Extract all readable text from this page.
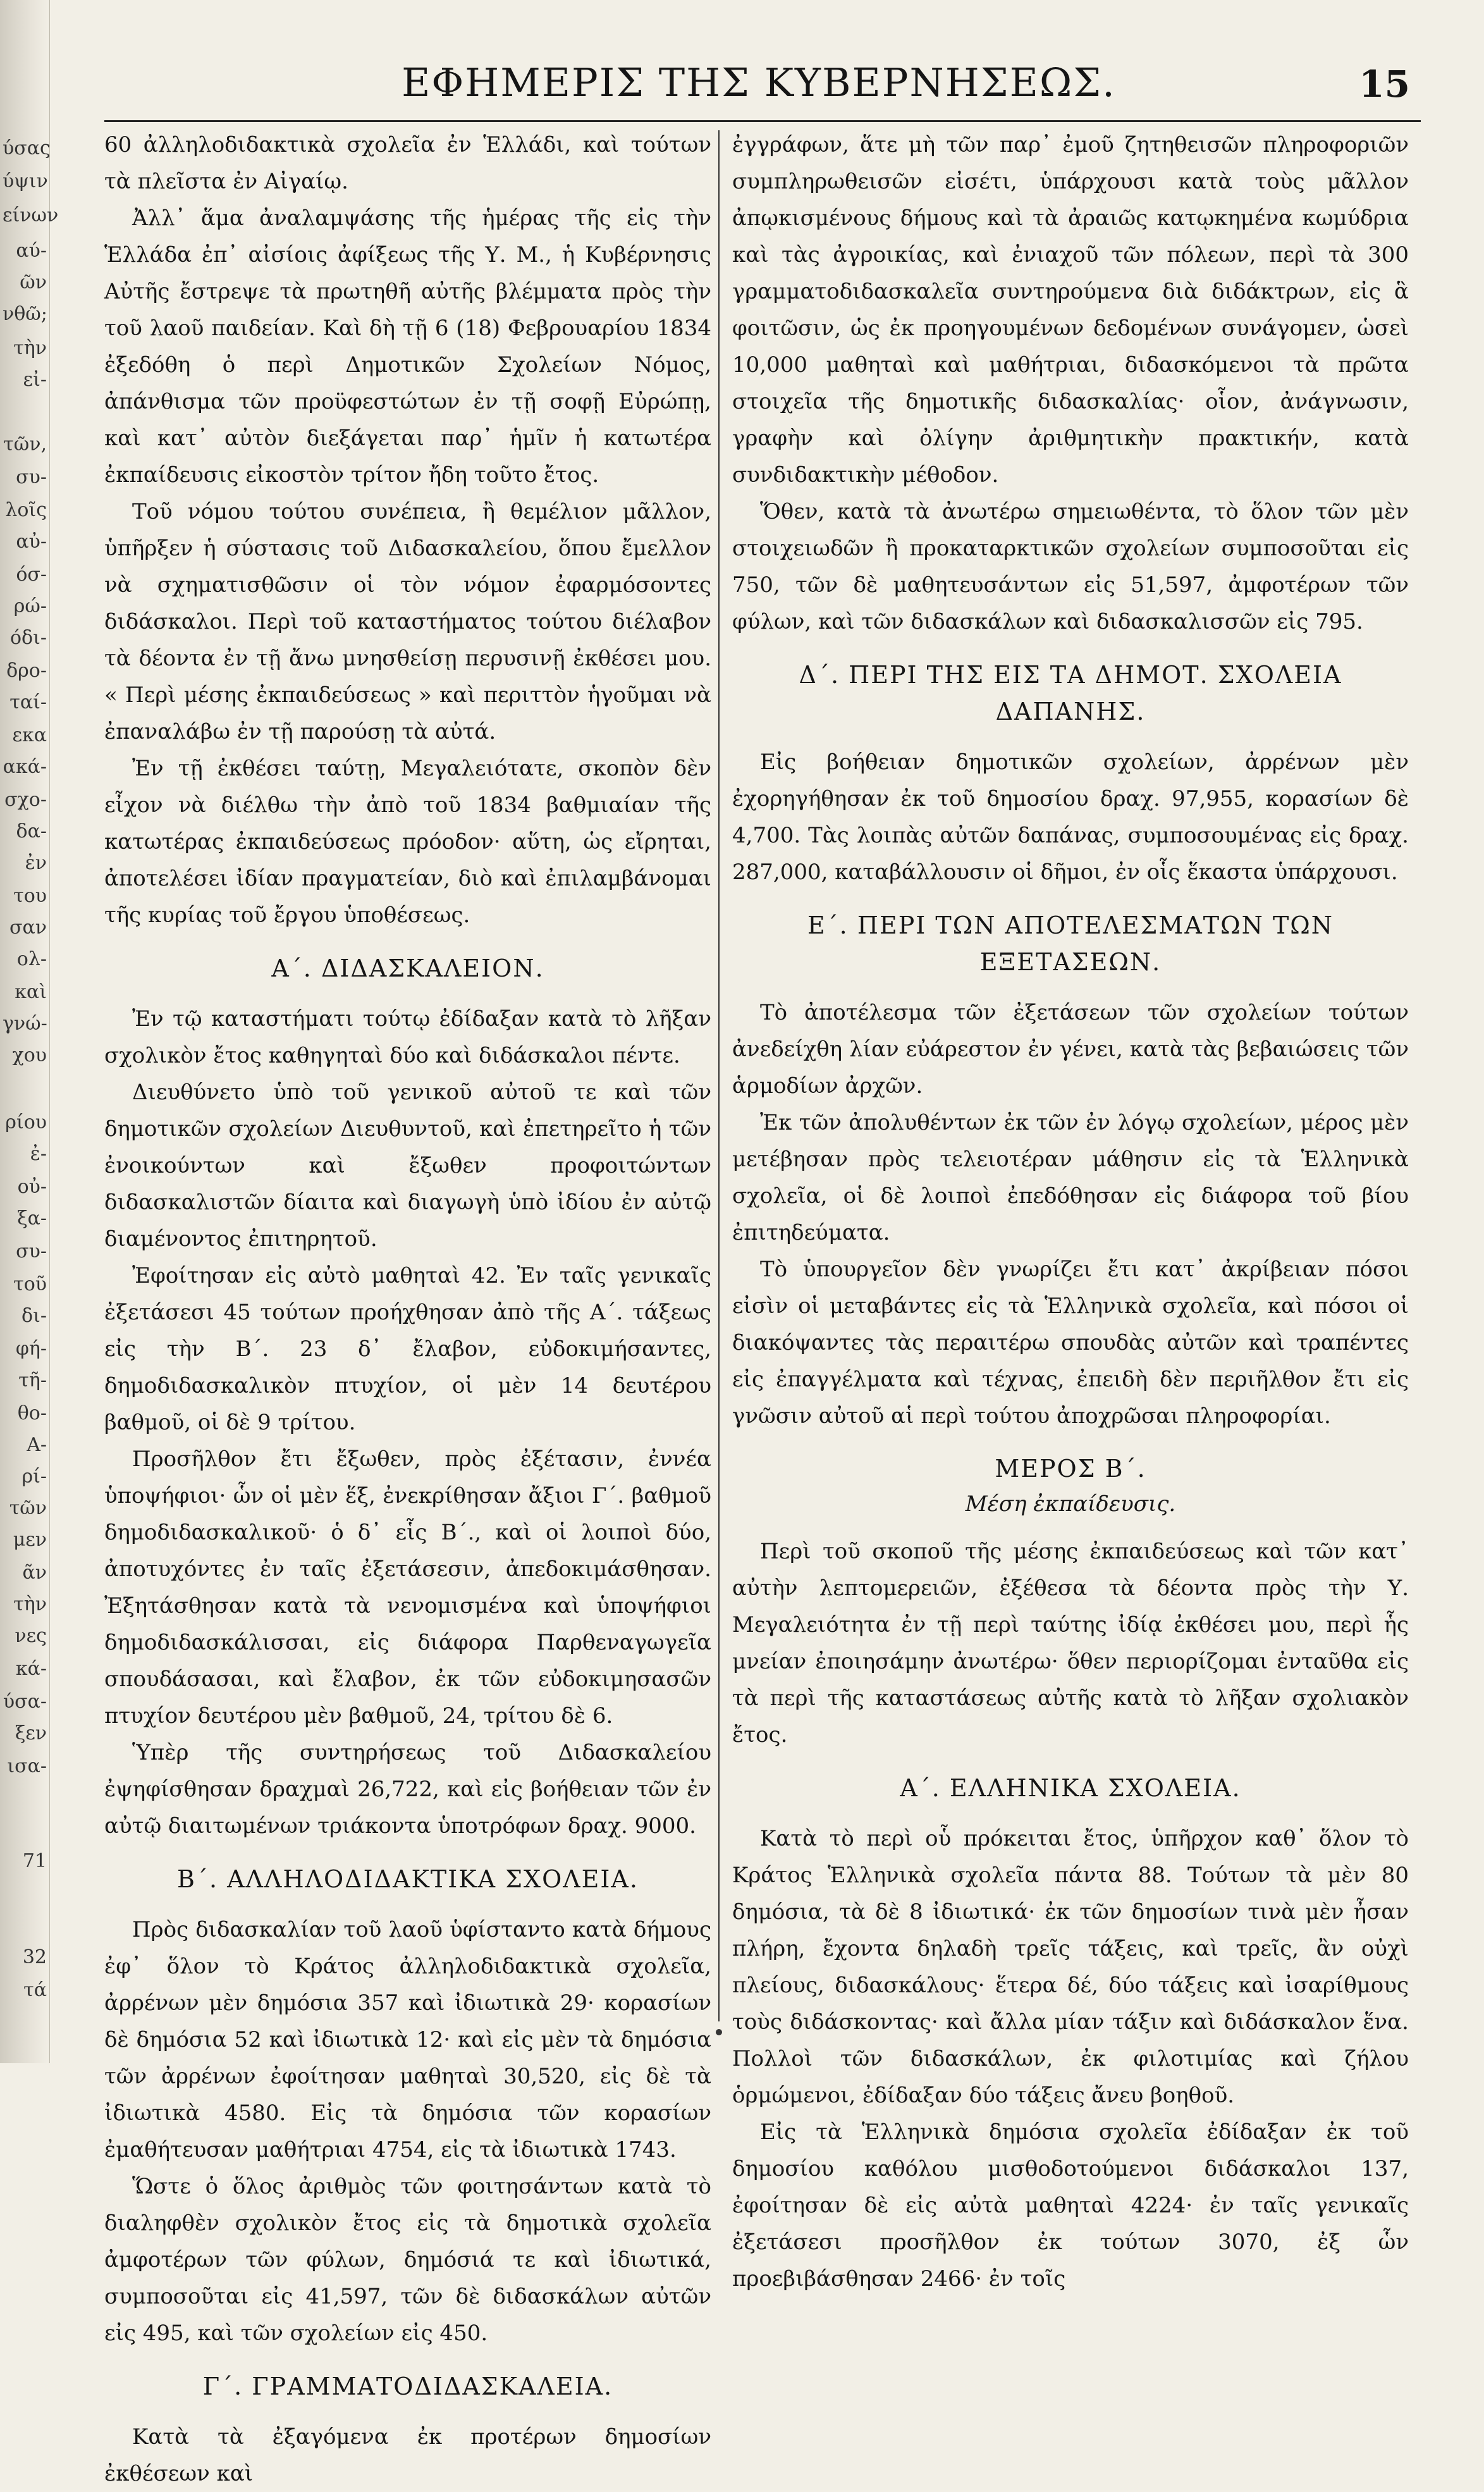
ύσας
ύψιν
είνων
αύ-
ῶν
νθῶ;
τὴν
εἰ-
τῶν,
συ-
λοῖς
αὐ-
όσ-
ρώ-
όδι-
δρο-
ταί-
εκα
ακά-
σχο-
δα-
ἐν
του
σαν
ολ-
καὶ
γνώ-
χου
ρίου
ἐ-
οὐ-
ξα-
συ-
τοῦ
δι-
φή-
τῆ-
θο-
Α-
ρί-
τῶν
μεν
ᾶν
τὴν
νες
κά-
ύσα-
ξεν
ισα-
71
32
τά
ΕΦΗΜΕΡΙΣ ΤΗΣ ΚΥΒΕΡΝΗΣΕΩΣ.	15

60 ἀλληλοδιδακτικὰ σχολεῖα ἐν Ἑλλάδι, καὶ τούτων τὰ πλεῖστα ἐν Αἰγαίῳ.

Ἀλλ᾽ ἅμα ἀναλαμψάσης τῆς ἡμέρας τῆς εἰς τὴν Ἑλλάδα ἐπ᾽ αἰσίοις ἀφίξεως τῆς Υ. Μ., ἡ Κυβέρνησις Αὐτῆς ἔστρεψε τὰ πρωτηθῆ αὐτῆς βλέμματα πρὸς τὴν τοῦ λαοῦ παιδείαν. Καὶ δὴ τῇ 6 (18) Φεβρουαρίου 1834 ἐξεδόθη ὁ περὶ Δημοτικῶν Σχολείων Νόμος, ἀπάνθισμα τῶν προϋφεστώτων ἐν τῇ σοφῇ Εὐρώπῃ, καὶ κατ᾽ αὐτὸν διεξάγεται παρ᾽ ἡμῖν ἡ κατωτέρα ἐκπαίδευσις εἰκοστὸν τρίτον ἤδη τοῦτο ἔτος.

Τοῦ νόμου τούτου συνέπεια, ἢ θεμέλιον μᾶλλον, ὑπῆρξεν ἡ σύστασις τοῦ Διδασκαλείου, ὅπου ἔμελλον νὰ σχηματισθῶσιν οἱ τὸν νόμον ἐφαρμόσοντες διδάσκαλοι. Περὶ τοῦ καταστήματος τούτου διέλαβον τὰ δέοντα ἐν τῇ ἄνω μνησθείσῃ περυσινῇ ἐκθέσει μου. « Περὶ μέσης ἐκπαιδεύσεως » καὶ περιττὸν ἡγοῦμαι νὰ ἐπαναλάβω ἐν τῇ παρούσῃ τὰ αὐτά.

Ἐν τῇ ἐκθέσει ταύτῃ, Μεγαλειότατε, σκοπὸν δὲν εἶχον νὰ διέλθω τὴν ἀπὸ τοῦ 1834 βαθμιαίαν τῆς κατωτέρας ἐκπαιδεύσεως πρόοδον· αὕτη, ὡς εἴρηται, ἀποτελέσει ἰδίαν πραγματείαν, διὸ καὶ ἐπιλαμβάνομαι τῆς κυρίας τοῦ ἔργου ὑποθέσεως.

Α΄. ΔΙΔΑΣΚΑΛΕΙΟΝ.

Ἐν τῷ καταστήματι τούτῳ ἐδίδαξαν κατὰ τὸ λῆξαν σχολικὸν ἔτος καθηγηταὶ δύο καὶ διδάσκαλοι πέντε.

Διευθύνετο ὑπὸ τοῦ γενικοῦ αὐτοῦ τε καὶ τῶν δημοτικῶν σχολείων Διευθυντοῦ, καὶ ἐπετηρεῖτο ἡ τῶν ἐνοικούντων καὶ ἔξωθεν προφοιτώντων διδασκαλιστῶν δίαιτα καὶ διαγωγὴ ὑπὸ ἰδίου ἐν αὐτῷ διαμένοντος ἐπιτηρητοῦ.

Ἐφοίτησαν εἰς αὐτὸ μαθηταὶ 42. Ἐν ταῖς γενικαῖς ἐξετάσεσι 45 τούτων προήχθησαν ἀπὸ τῆς Α΄. τάξεως εἰς τὴν Β΄. 23 δ᾽ ἔλαβον, εὐδοκιμήσαντες, δημοδιδασκαλικὸν πτυχίον, οἱ μὲν 14 δευτέρου βαθμοῦ, οἱ δὲ 9 τρίτου.

Προσῆλθον ἔτι ἔξωθεν, πρὸς ἐξέτασιν, ἐννέα ὑποψήφιοι· ὧν οἱ μὲν ἕξ, ἐνεκρίθησαν ἄξιοι Γ΄. βαθμοῦ δημοδιδασκαλικοῦ· ὁ δ᾽ εἷς Β΄., καὶ οἱ λοιποὶ δύο, ἀποτυχόντες ἐν ταῖς ἐξετάσεσιν, ἀπεδοκιμάσθησαν. Ἐξητάσθησαν κατὰ τὰ νενομισμένα καὶ ὑποψήφιοι δημοδιδασκάλισσαι, εἰς διάφορα Παρθεναγωγεῖα σπουδάσασαι, καὶ ἔλαβον, ἐκ τῶν εὐδοκιμησασῶν πτυχίον δευτέρου μὲν βαθμοῦ, 24, τρίτου δὲ 6.

Ὑπὲρ τῆς συντηρήσεως τοῦ Διδασκαλείου ἐψηφίσθησαν δραχμαὶ 26,722, καὶ εἰς βοήθειαν τῶν ἐν αὐτῷ διαιτωμένων τριάκοντα ὑποτρόφων δραχ. 9000.

Β΄. ΑΛΛΗΛΟΔΙΔΑΚΤΙΚΑ ΣΧΟΛΕΙΑ.

Πρὸς διδασκαλίαν τοῦ λαοῦ ὑφίσταντο κατὰ δήμους ἐφ᾽ ὅλον τὸ Κράτος ἀλληλοδιδακτικὰ σχολεῖα, ἀρρένων μὲν δημόσια 357 καὶ ἰδιωτικὰ 29· κορασίων δὲ δημόσια 52 καὶ ἰδιωτικὰ 12· καὶ εἰς μὲν τὰ δημόσια τῶν ἀρρένων ἐφοίτησαν μαθηταὶ 30,520, εἰς δὲ τὰ ἰδιωτικὰ 4580. Εἰς τὰ δημόσια τῶν κορασίων ἐμαθήτευσαν μαθήτριαι 4754, εἰς τὰ ἰδιωτικὰ 1743.

Ὥστε ὁ ὅλος ἀριθμὸς τῶν φοιτησάντων κατὰ τὸ διαληφθὲν σχολικὸν ἔτος εἰς τὰ δημοτικὰ σχολεῖα ἀμφοτέρων τῶν φύλων, δημόσιά τε καὶ ἰδιωτικά, συμποσοῦται εἰς 41,597, τῶν δὲ διδασκάλων αὐτῶν εἰς 495, καὶ τῶν σχολείων εἰς 450.

Γ΄. ΓΡΑΜΜΑΤΟΔΙΔΑΣΚΑΛΕΙΑ.

Κατὰ τὰ ἐξαγόμενα ἐκ προτέρων δημοσίων ἐκθέσεων καὶ

ἐγγράφων, ἅτε μὴ τῶν παρ᾽ ἐμοῦ ζητηθεισῶν πληροφοριῶν συμπληρωθεισῶν εἰσέτι, ὑπάρχουσι κατὰ τοὺς μᾶλλον ἀπῳκισμένους δήμους καὶ τὰ ἀραιῶς κατῳκημένα κωμύδρια καὶ τὰς ἀγροικίας, καὶ ἐνιαχοῦ τῶν πόλεων, περὶ τὰ 300 γραμματοδιδασκαλεῖα συντηρούμενα διὰ διδάκτρων, εἰς ἃ φοιτῶσιν, ὡς ἐκ προηγουμένων δεδομένων συνάγομεν, ὡσεὶ 10,000 μαθηταὶ καὶ μαθήτριαι, διδασκόμενοι τὰ πρῶτα στοιχεῖα τῆς δημοτικῆς διδασκαλίας· οἷον, ἀνάγνωσιν, γραφὴν καὶ ὀλίγην ἀριθμητικὴν πρακτικήν, κατὰ συνδιδακτικὴν μέθοδον.

Ὅθεν, κατὰ τὰ ἀνωτέρω σημειωθέντα, τὸ ὅλον τῶν μὲν στοιχειωδῶν ἢ προκαταρκτικῶν σχολείων συμποσοῦται εἰς 750, τῶν δὲ μαθητευσάντων εἰς 51,597, ἀμφοτέρων τῶν φύλων, καὶ τῶν διδασκάλων καὶ διδασκαλισσῶν εἰς 795.

Δ΄. ΠΕΡΙ ΤΗΣ ΕΙΣ ΤΑ ΔΗΜΟΤ. ΣΧΟΛΕΙΑ ΔΑΠΑΝΗΣ.

Εἰς βοήθειαν δημοτικῶν σχολείων, ἀρρένων μὲν ἐχορηγήθησαν ἐκ τοῦ δημοσίου δραχ. 97,955, κορασίων δὲ 4,700. Τὰς λοιπὰς αὐτῶν δαπάνας, συμποσουμένας εἰς δραχ. 287,000, καταβάλλουσιν οἱ δῆμοι, ἐν οἷς ἕκαστα ὑπάρχουσι.

Ε΄. ΠΕΡΙ ΤΩΝ ΑΠΟΤΕΛΕΣΜΑΤΩΝ ΤΩΝ ΕΞΕΤΑΣΕΩΝ.

Τὸ ἀποτέλεσμα τῶν ἐξετάσεων τῶν σχολείων τούτων ἀνεδείχθη λίαν εὐάρεστον ἐν γένει, κατὰ τὰς βεβαιώσεις τῶν ἁρμοδίων ἀρχῶν.

Ἐκ τῶν ἀπολυθέντων ἐκ τῶν ἐν λόγῳ σχολείων, μέρος μὲν μετέβησαν πρὸς τελειοτέραν μάθησιν εἰς τὰ Ἑλληνικὰ σχολεῖα, οἱ δὲ λοιποὶ ἐπεδόθησαν εἰς διάφορα τοῦ βίου ἐπιτηδεύματα.

Τὸ ὑπουργεῖον δὲν γνωρίζει ἔτι κατ᾽ ἀκρίβειαν πόσοι εἰσὶν οἱ μεταβάντες εἰς τὰ Ἑλληνικὰ σχολεῖα, καὶ πόσοι οἱ διακόψαντες τὰς περαιτέρω σπουδὰς αὐτῶν καὶ τραπέντες εἰς ἐπαγγέλματα καὶ τέχνας, ἐπειδὴ δὲν περιῆλθον ἔτι εἰς γνῶσιν αὐτοῦ αἱ περὶ τούτου ἀποχρῶσαι πληροφορίαι.

ΜΕΡΟΣ Β΄.

Μέση ἐκπαίδευσις.

Περὶ τοῦ σκοποῦ τῆς μέσης ἐκπαιδεύσεως καὶ τῶν κατ᾽ αὐτὴν λεπτομερειῶν, ἐξέθεσα τὰ δέοντα πρὸς τὴν Υ. Μεγαλειότητα ἐν τῇ περὶ ταύτης ἰδίᾳ ἐκθέσει μου, περὶ ἧς μνείαν ἐποιησάμην ἀνωτέρω· ὅθεν περιορίζομαι ἐνταῦθα εἰς τὰ περὶ τῆς καταστάσεως αὐτῆς κατὰ τὸ λῆξαν σχολιακὸν ἔτος.

Α΄. ΕΛΛΗΝΙΚΑ ΣΧΟΛΕΙΑ.

Κατὰ τὸ περὶ οὗ πρόκειται ἔτος, ὑπῆρχον καθ᾽ ὅλον τὸ Κράτος Ἑλληνικὰ σχολεῖα πάντα 88. Τούτων τὰ μὲν 80 δημόσια, τὰ δὲ 8 ἰδιωτικά· ἐκ τῶν δημοσίων τινὰ μὲν ἦσαν πλήρη, ἔχοντα δηλαδὴ τρεῖς τάξεις, καὶ τρεῖς, ἂν οὐχὶ πλείους, διδασκάλους· ἕτερα δέ, δύο τάξεις καὶ ἰσαρίθμους τοὺς διδάσκοντας· καὶ ἄλλα μίαν τάξιν καὶ διδάσκαλον ἕνα. Πολλοὶ τῶν διδασκάλων, ἐκ φιλοτιμίας καὶ ζήλου ὁρμώμενοι, ἐδίδαξαν δύο τάξεις ἄνευ βοηθοῦ.

Εἰς τὰ Ἑλληνικὰ δημόσια σχολεῖα ἐδίδαξαν ἐκ τοῦ δημοσίου καθόλου μισθοδοτούμενοι διδάσκαλοι 137, ἐφοίτησαν δὲ εἰς αὐτὰ μαθηταὶ 4224· ἐν ταῖς γενικαῖς ἐξετάσεσι προσῆλθον ἐκ τούτων 3070, ἐξ ὧν προεβιβάσθησαν 2466· ἐν τοῖς
